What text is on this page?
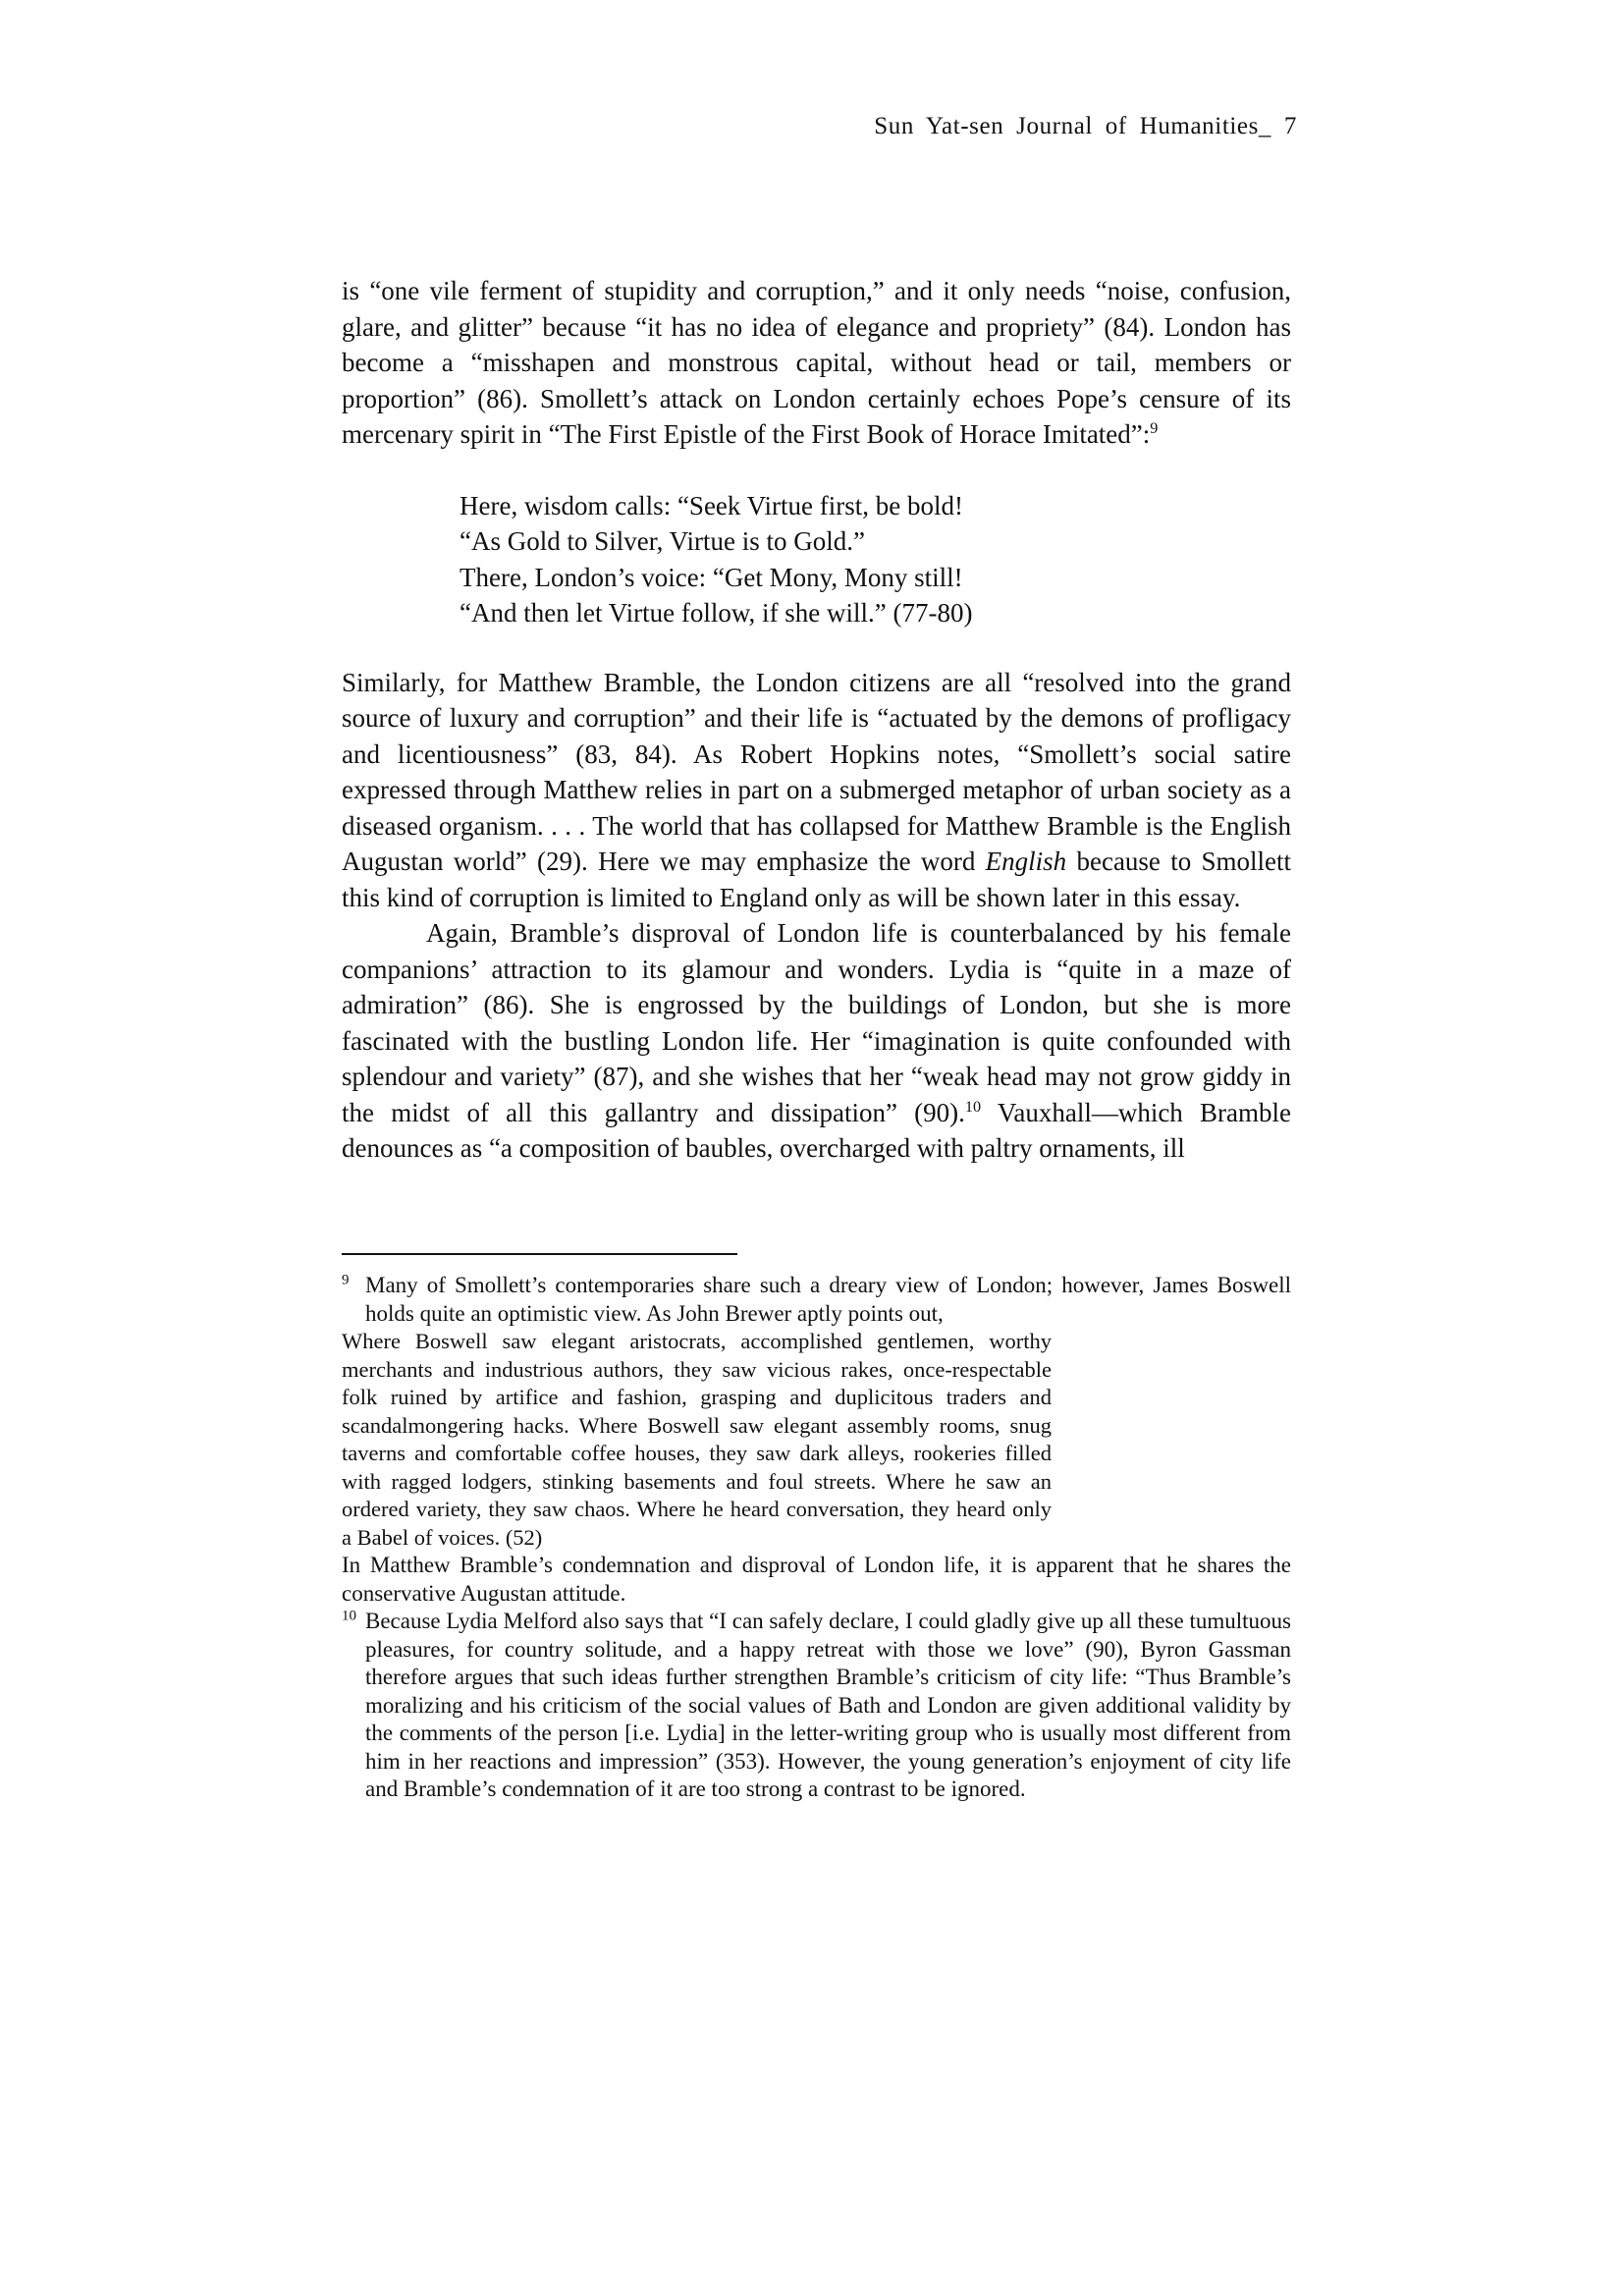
Sun Yat-sen Journal of Humanities_ 7

is “one vile ferment of stupidity and corruption,” and it only needs “noise, confusion, glare, and glitter” because “it has no idea of elegance and propriety” (84). London has become a “misshapen and monstrous capital, without head or tail, members or proportion” (86). Smollett’s attack on London certainly echoes Pope’s censure of its mercenary spirit in “The First Epistle of the First Book of Horace Imitated”:$^9$

Here, wisdom calls: “Seek Virtue first, be bold!
“As Gold to Silver, Virtue is to Gold.”
There, London’s voice: “Get Mony, Mony still!
“And then let Virtue follow, if she will.” (77-80)

Similarly, for Matthew Bramble, the London citizens are all “resolved into the grand source of luxury and corruption” and their life is “actuated by the demons of profligacy and licentiousness” (83, 84). As Robert Hopkins notes, “Smollett’s social satire expressed through Matthew relies in part on a submerged metaphor of urban society as a diseased organism. . . . The world that has collapsed for Matthew Bramble is the English Augustan world” (29). Here we may emphasize the word English because to Smollett this kind of corruption is limited to England only as will be shown later in this essay.

Again, Bramble’s disproval of London life is counterbalanced by his female companions’ attraction to its glamour and wonders. Lydia is “quite in a maze of admiration” (86). She is engrossed by the buildings of London, but she is more fascinated with the bustling London life. Her “imagination is quite confounded with splendour and variety” (87), and she wishes that her “weak head may not grow giddy in the midst of all this gallantry and dissipation” (90).$^{10}$ Vauxhall—which Bramble denounces as “a composition of baubles, overcharged with paltry ornaments, ill

$^9$ Many of Smollett’s contemporaries share such a dreary view of London; however, James Boswell holds quite an optimistic view. As John Brewer aptly points out,

Where Boswell saw elegant aristocrats, accomplished gentlemen, worthy merchants and industrious authors, they saw vicious rakes, once-respectable folk ruined by artifice and fashion, grasping and duplicitous traders and scandalmongering hacks. Where Boswell saw elegant assembly rooms, snug taverns and comfortable coffee houses, they saw dark alleys, rookeries filled with ragged lodgers, stinking basements and foul streets. Where he saw an ordered variety, they saw chaos. Where he heard conversation, they heard only a Babel of voices. (52)

In Matthew Bramble’s condemnation and disproval of London life, it is apparent that he shares the conservative Augustan attitude.

$^{10}$ Because Lydia Melford also says that “I can safely declare, I could gladly give up all these tumultuous pleasures, for country solitude, and a happy retreat with those we love” (90), Byron Gassman therefore argues that such ideas further strengthen Bramble’s criticism of city life: “Thus Bramble’s moralizing and his criticism of the social values of Bath and London are given additional validity by the comments of the person [i.e. Lydia] in the letter-writing group who is usually most different from him in her reactions and impression” (353). However, the young generation’s enjoyment of city life and Bramble’s condemnation of it are too strong a contrast to be ignored.
